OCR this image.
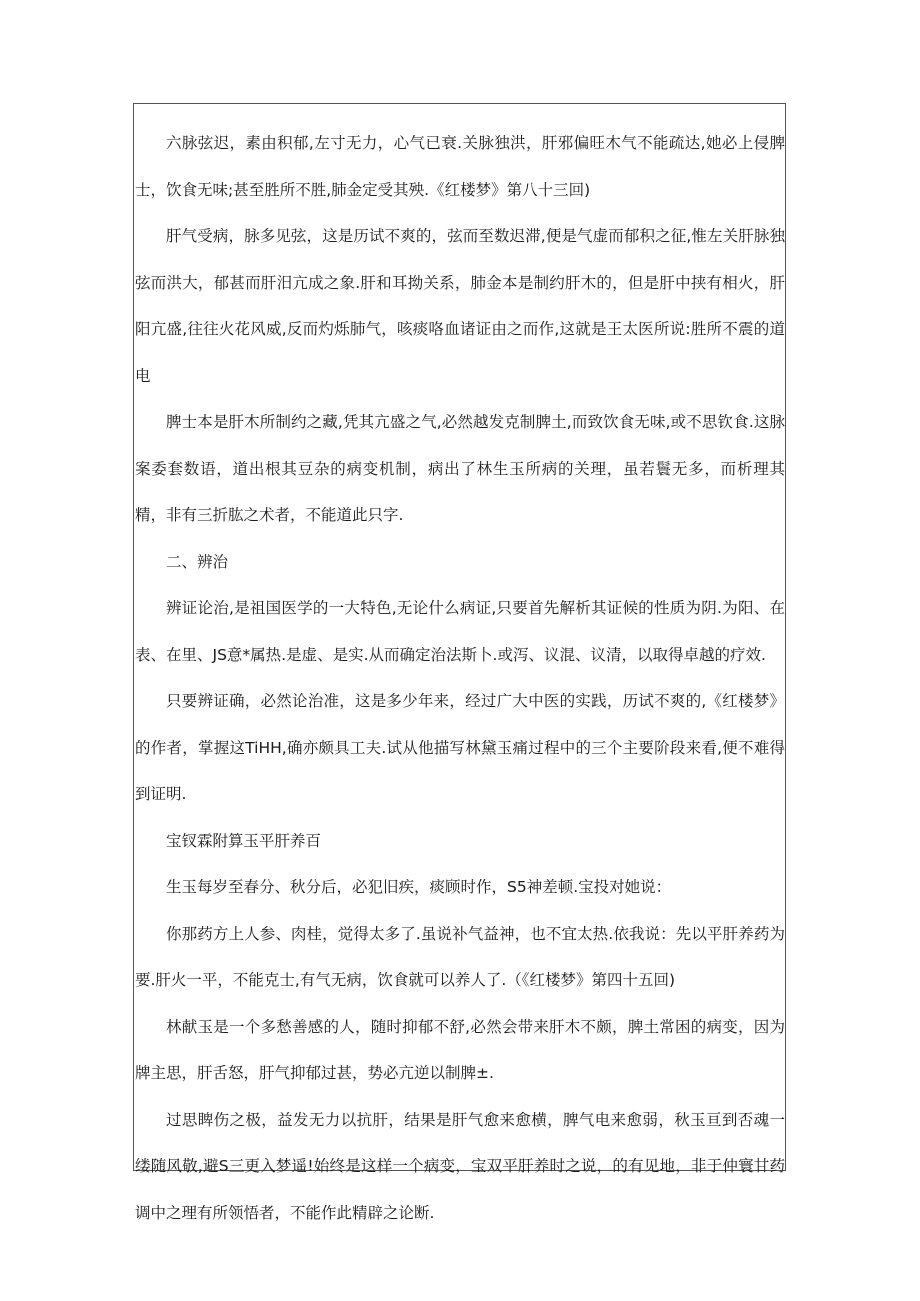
六脉弦迟，素由积郁,左寸无力，心气已衰.关脉独洪，肝邪偏旺木气不能疏达,她必上侵脾士，饮食无味;甚至胜所不胜,肺金定受其殃.《红楼梦》第八十三回)

肝气受病，脉多见弦，这是历试不爽的，弦而至数迟滞,便是气虚而郁积之征,惟左关肝脉独弦而洪大，郁甚而肝汨亢成之象.肝和耳拗关系，肺金本是制约肝木的，但是肝中挟有相火，肝阳亢盛,往往火花风威,反而灼烁肺气，咳痰咯血诸证由之而作,这就是王太医所说:胜所不震的道电

脾士本是肝木所制约之藏,凭其亢盛之气,必然越发克制脾土,而致饮食无味,或不思钦食.这脉案委套数语，道出根其豆杂的病变机制，病出了林生玉所病的关理，虽若鬟无多，而析理其精，非有三折肱之术者，不能道此只字.

二、辨治

辨证论治,是祖国医学的一大特色,无论什么病证,只要首先解析其证候的性质为阴.为阳、在表、在里、JS意*属热.是虚、是实.从而确定治法斯卜.或泻、议混、议清，以取得卓越的疗效.

只要辨证确，必然论治准，这是多少年来，经过广大中医的实践，历试不爽的,《红楼梦》的作者，掌握这TiHH,确亦颇具工夫.试从他描写林黛玉痛过程中的三个主要阶段来看,便不难得到证明.

宝钗霖附算玉平肝养百

生玉每岁至春分、秋分后，必犯旧疾，痰顾时作，S5神差顿.宝投对她说：

你那药方上人参、肉桂，觉得太多了.虽说补气益神，也不宜太热.依我说：先以平肝养药为要.肝火一平，不能克士,有气无病，饮食就可以养人了.（《红楼梦》第四十五回)

林献玉是一个多愁善感的人，随时抑郁不舒,必然会带来肝木不颇，脾土常困的病变，因为牌主思，肝舌怒，肝气抑郁过甚，势必亢逆以制脾±.

过思睥伤之极，益发无力以抗肝，结果是肝气愈来愈横，脾气电来愈弱，秋玉亘到否魂一缕随风敬,避S三更入梦遥!始终是这样一个病变，宝双平肝养时之说，的有见地，非于仲寰甘药调中之理有所领悟者，不能作此精辟之论断.
